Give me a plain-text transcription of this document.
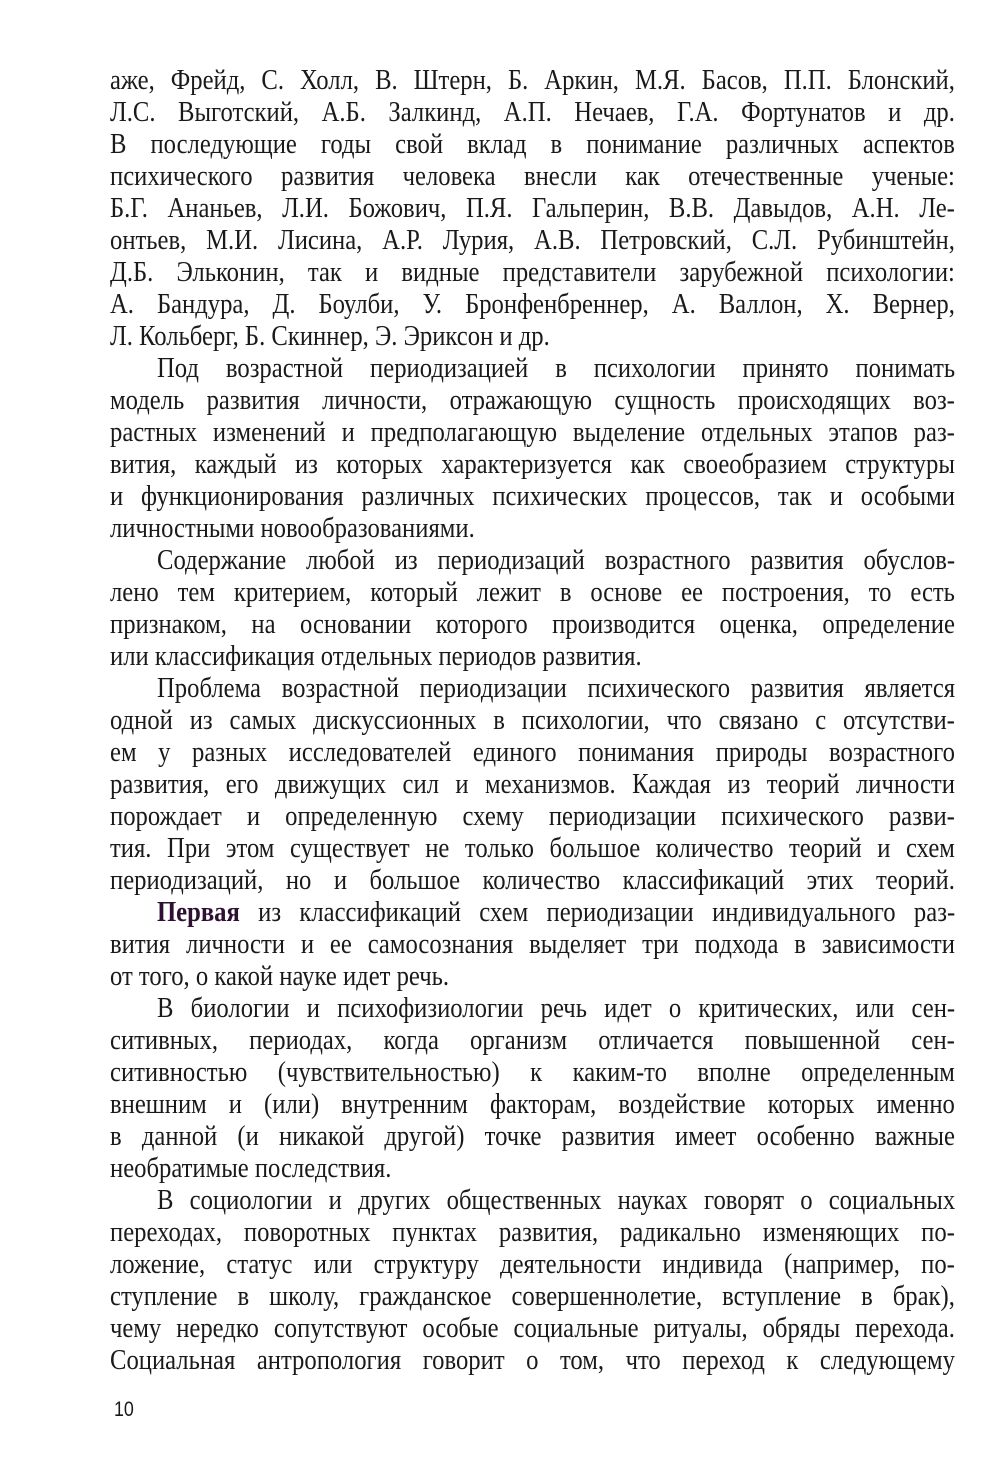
аже, Фрейд, С. Холл, В. Штерн, Б. Аркин, М.Я. Басов, П.П. Блонский,
Л.С. Выготский, А.Б. Залкинд, А.П. Нечаев, Г.А. Фортунатов и др.
В последующие годы свой вклад в понимание различных аспектов
психического развития человека внесли как отечественные ученые:
Б.Г. Ананьев, Л.И. Божович, П.Я. Гальперин, В.В. Давыдов, А.Н. Ле-
онтьев, М.И. Лисина, А.Р. Лурия, А.В. Петровский, С.Л. Рубинштейн,
Д.Б. Эльконин, так и видные представители зарубежной психологии:
А. Бандура, Д. Боулби, У. Бронфенбреннер, А. Валлон, Х. Вернер,
Л. Кольберг, Б. Скиннер, Э. Эриксон и др.
Под возрастной периодизацией в психологии принято понимать
модель развития личности, отражающую сущность происходящих воз-
растных изменений и предполагающую выделение отдельных этапов раз-
вития, каждый из которых характеризуется как своеобразием структуры
и функционирования различных психических процессов, так и особыми
личностными новообразованиями.
Содержание любой из периодизаций возрастного развития обуслов-
лено тем критерием, который лежит в основе ее построения, то есть
признаком, на основании которого производится оценка, определение
или классификация отдельных периодов развития.
Проблема возрастной периодизации психического развития является
одной из самых дискуссионных в психологии, что связано с отсутстви-
ем у разных исследователей единого понимания природы возрастного
развития, его движущих сил и механизмов. Каждая из теорий личности
порождает и определенную схему периодизации психического разви-
тия. При этом существует не только большое количество теорий и схем
периодизаций, но и большое количество классификаций этих теорий.
Первая из классификаций схем периодизации индивидуального раз-
вития личности и ее самосознания выделяет три подхода в зависимости
от того, о какой науке идет речь.
В биологии и психофизиологии речь идет о критических, или сен-
ситивных, периодах, когда организм отличается повышенной сен-
ситивностью (чувствительностью) к каким-то вполне определенным
внешним и (или) внутренним факторам, воздействие которых именно
в данной (и никакой другой) точке развития имеет особенно важные
необратимые последствия.
В социологии и других общественных науках говорят о социальных
переходах, поворотных пунктах развития, радикально изменяющих по-
ложение, статус или структуру деятельности индивида (например, по-
ступление в школу, гражданское совершеннолетие, вступление в брак),
чему нередко сопутствуют особые социальные ритуалы, обряды перехода.
Социальная антропология говорит о том, что переход к следующему
10
